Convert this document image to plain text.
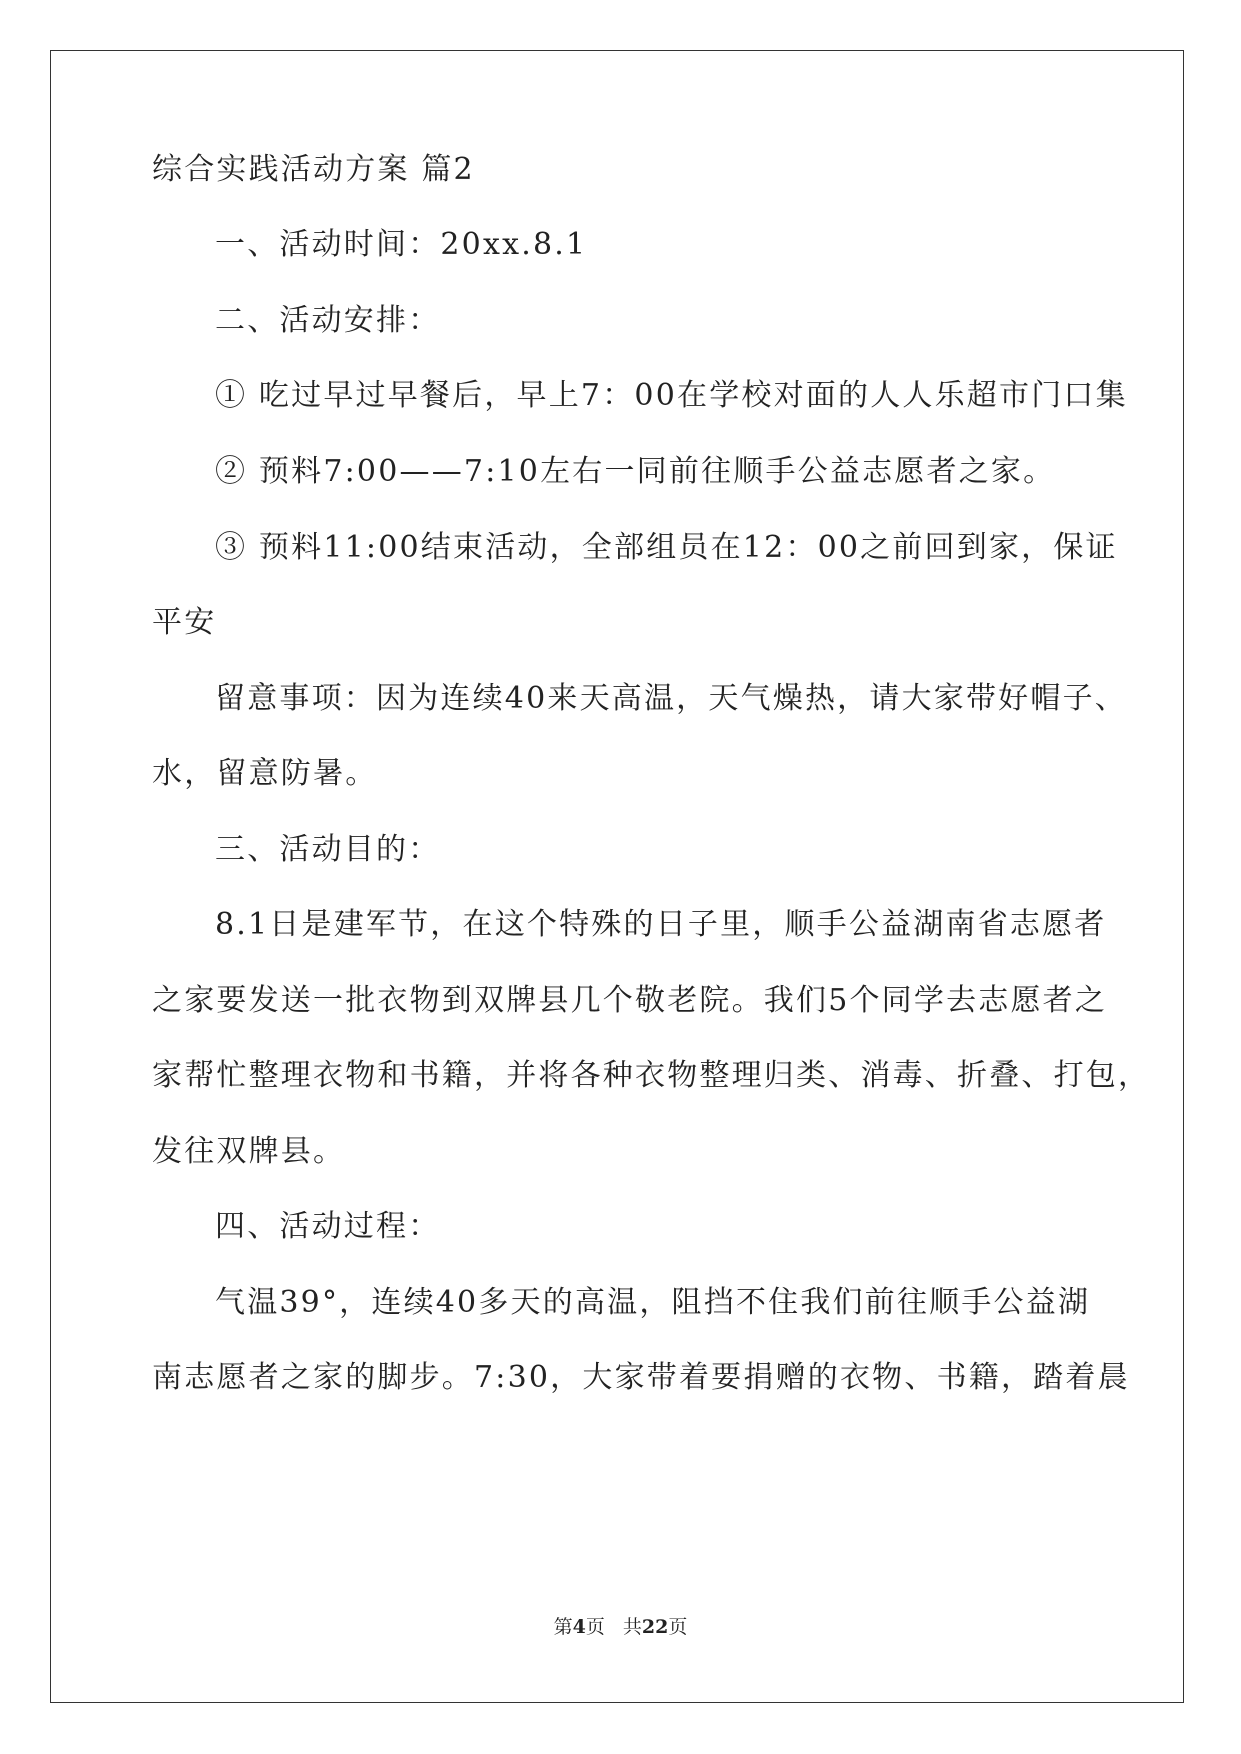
综合实践活动方案 篇2
一、活动时间：20xx.8.1
二、活动安排：
① 吃过早过早餐后，早上7：00在学校对面的人人乐超市门口集
② 预料7:00——7:10左右一同前往顺手公益志愿者之家。
③ 预料11:00结束活动，全部组员在12：00之前回到家，保证
平安
留意事项：因为连续40来天高温，天气燥热，请大家带好帽子、
水，留意防暑。
三、活动目的：
8.1日是建军节，在这个特殊的日子里，顺手公益湖南省志愿者
之家要发送一批衣物到双牌县几个敬老院。我们5个同学去志愿者之
家帮忙整理衣物和书籍，并将各种衣物整理归类、消毒、折叠、打包，
发往双牌县。
四、活动过程：
气温39°，连续40多天的高温，阻挡不住我们前往顺手公益湖
南志愿者之家的脚步。7:30，大家带着要捐赠的衣物、书籍，踏着晨
第4页 共22页
